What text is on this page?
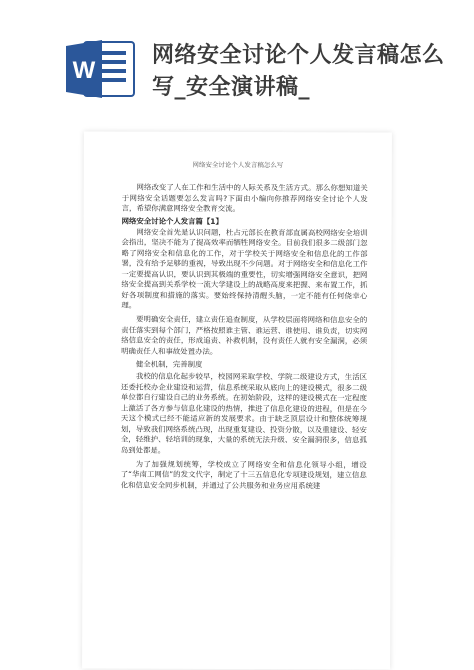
W
网络安全讨论个人发言稿怎么写_安全演讲稿_
网络安全讨论个人发言稿怎么写

网络改变了人在工作和生活中的人际关系及生活方式。那么你想知道关于网络安全话题要怎么发言吗?下面由小编向你推荐网络安全讨论个人发言，希望你满意网络安全教育交流。

网络安全讨论个人发言篇【1】

网络安全首先是认识问题，杜占元部长在教育部直属高校网络安全培训会指出，坚决不能为了提高效率而牺牲网络安全。目前我们很多二级部门忽略了网络安全和信息化的工作，对于学校关于网络安全和信息化的工作部署，没有给予足够的重视，导致出现不少问题。对于网络安全和信息化工作一定要提高认识，要认识到其极端的重要性，切实增强网络安全意识，把网络安全提高到关系学校一流大学建设上的战略高度来把握、来布置工作，抓好各项制度和措施的落实。要始终保持清醒头脑，一定不能有任何侥幸心理。

要明确安全责任，建立责任追查制度，从学校层面将网络和信息安全的责任落实到每个部门，严格按照谁主管、谁运营、谁使用、谁负责，切实网络信息安全的责任，形成追责、补救机制，没有责任人就有安全漏洞，必须明确责任人和事故处置办法。

健全机制，完善制度

我校的信息化起步较早，校园网采取学校、学院二级建设方式，生活区还委托校办企业建设和运营，信息系统采取从底向上的建设模式，很多二级单位都自行建设自己的业务系统。在初始阶段，这样的建设模式在一定程度上激活了各方参与信息化建设的热情，推进了信息化建设的进程，但是在今天这个模式已经不能适应新的发展要求。由于缺乏顶层设计和整体统筹规划，导致我们网络系统凸现，出现重复建设、投资分散，以及重建设、轻安全，轻维护、轻培训的现象，大量的系统无法升级、安全漏洞很多，信息孤岛到处都是。

为了加强规划统筹，学校成立了网络安全和信息化领导小组，增设了“华南工网信”的发文代字，制定了十三五信息化专项建设规划，建立信息化和信息安全同步机制，并通过了公共服务和业务应用系统建
